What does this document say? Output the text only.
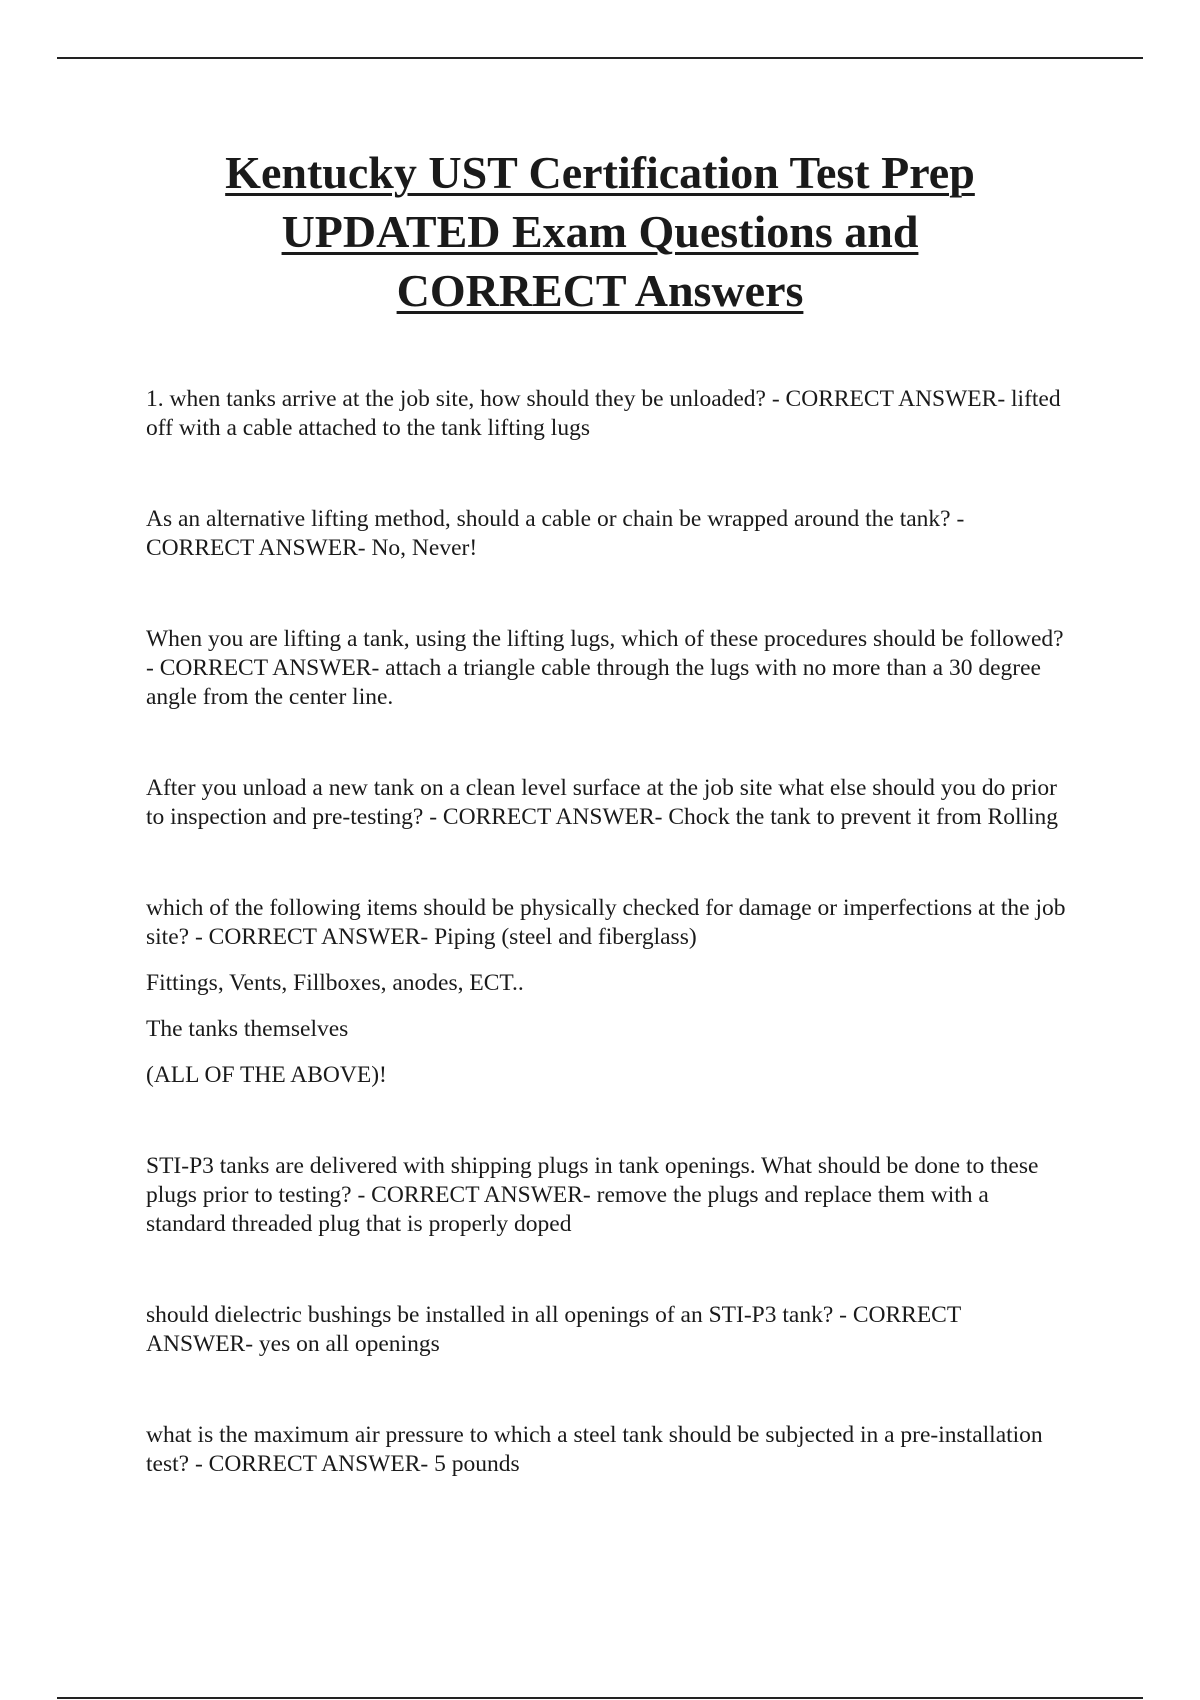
Kentucky UST Certification Test Prep
UPDATED Exam Questions and
CORRECT Answers

1. when tanks arrive at the job site, how should they be unloaded? - CORRECT ANSWER- lifted off with a cable attached to the tank lifting lugs

As an alternative lifting method, should a cable or chain be wrapped around the tank? - CORRECT ANSWER- No, Never!

When you are lifting a tank, using the lifting lugs, which of these procedures should be followed? - CORRECT ANSWER- attach a triangle cable through the lugs with no more than a 30 degree angle from the center line.

After you unload a new tank on a clean level surface at the job site what else should you do prior to inspection and pre-testing? - CORRECT ANSWER- Chock the tank to prevent it from Rolling

which of the following items should be physically checked for damage or imperfections at the job site? - CORRECT ANSWER- Piping (steel and fiberglass)

Fittings, Vents, Fillboxes, anodes, ECT..

The tanks themselves

(ALL OF THE ABOVE)!

STI-P3 tanks are delivered with shipping plugs in tank openings. What should be done to these plugs prior to testing? - CORRECT ANSWER- remove the plugs and replace them with a standard threaded plug that is properly doped

should dielectric bushings be installed in all openings of an STI-P3 tank? - CORRECT ANSWER- yes on all openings

what is the maximum air pressure to which a steel tank should be subjected in a pre-installation test? - CORRECT ANSWER- 5 pounds
